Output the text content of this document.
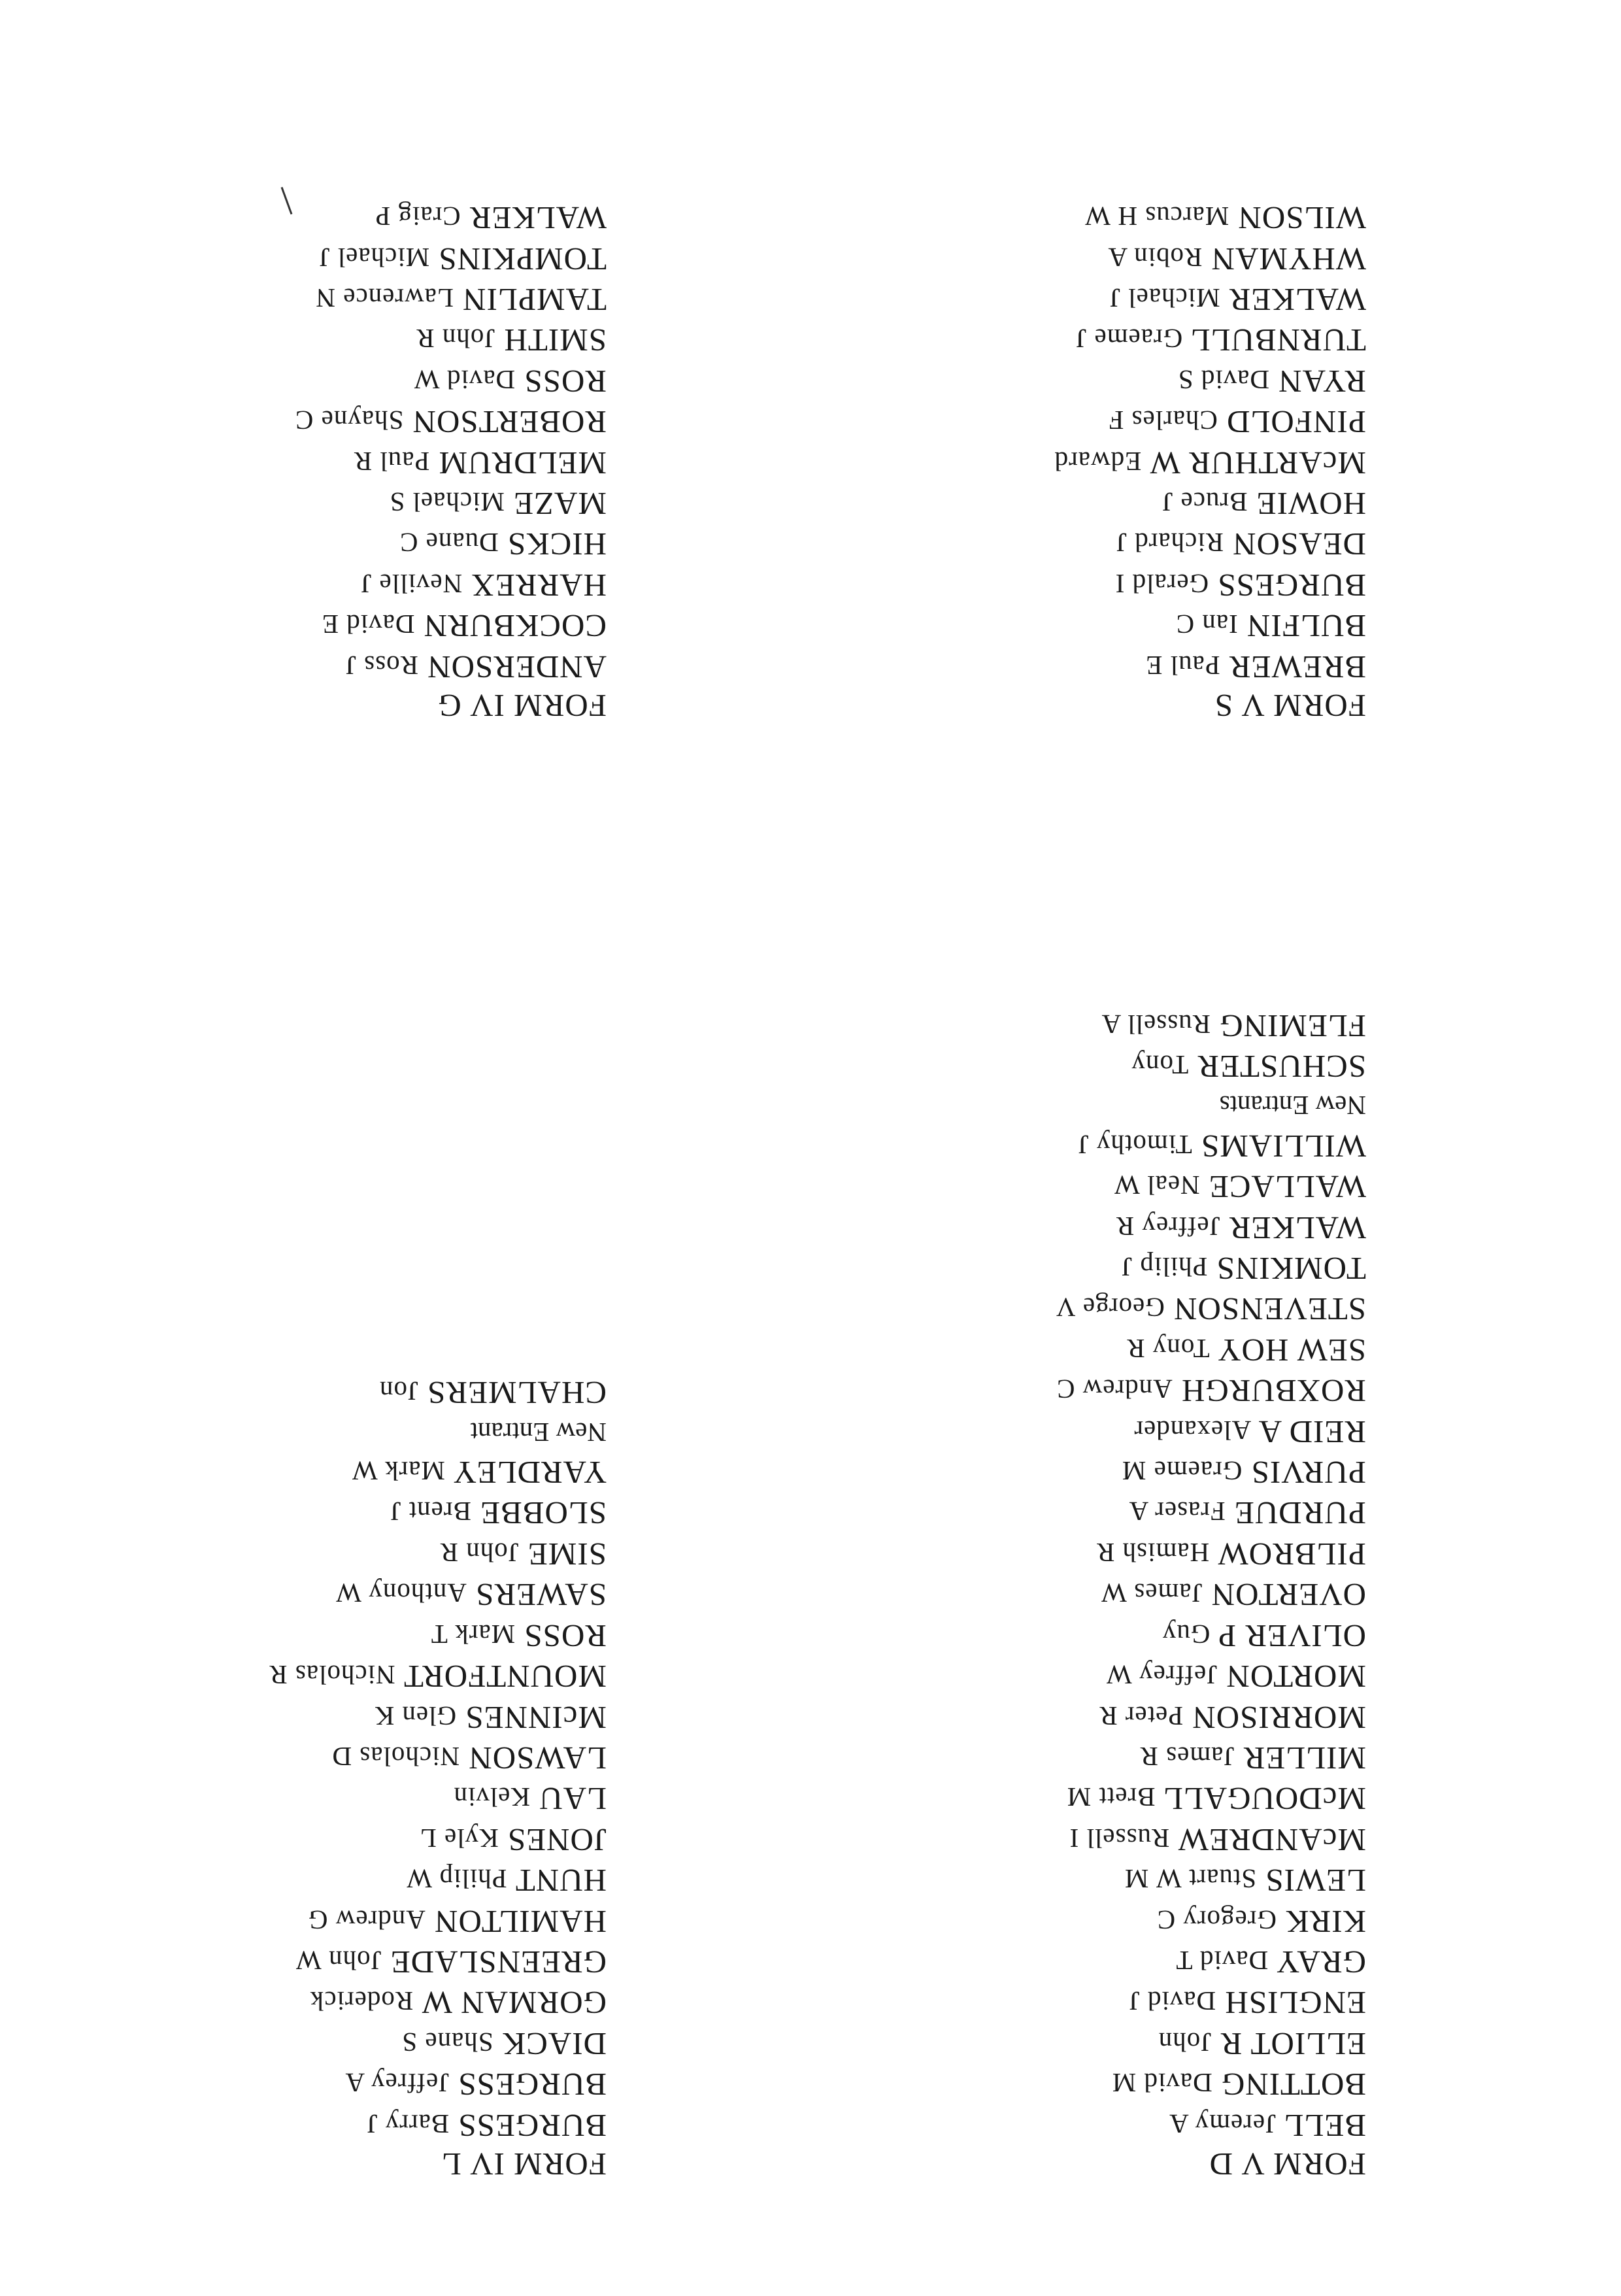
FORM V D
BELL Jeremy A
BOTTING David M
ELLIOT R John
ENGLISH David J
GRAY David T
KIRK Gregory C
LEWIS Stuart W M
McANDREW Russell I
McDOUGALL Brett M
MILLER James R
MORRISON Peter R
MORTON Jeffrey W
OLIVER P Guy
OVERTON James W
PILBROW Hamish R
PURDUE Fraser A
PURVIS Graeme M
REID A Alexander
ROXBURGH Andrew C
SEW HOY Tony R
STEVENSON George V
TOMKINS Philip J
WALKER Jeffrey R
WALLACE Neal W
WILLIAMS Timothy J
New Entrants
SCHUSTER Tony
FLEMING Russell A
FORM IV L
BURGESS Barry J
BURGESS Jeffrey A
DIACK Shane S
GORMAN W Roderick
GREENSLADE John W
HAMILTON Andrew G
HUNT Philip W
JONES Kyle L
LAU Kelvin
LAWSON Nicholas D
McINNES Glen K
MOUNTFORT Nicholas R
ROSS Mark T
SAWERS Anthony W
SIME John R
SLOBBE Brent J
YARDLEY Mark W
New Entrant
CHALMERS Jon
FORM V S
BREWER Paul E
BULFIN Ian C
BURGESS Gerald I
DEASON Richard J
HOWIE Bruce J
McARTHUR W Edward
PINFOLD Charles F
RYAN David S
TURNBULL Graeme J
WALKER Michael J
WHYMAN Robin A
WILSON Marcus H W
FORM IV G
ANDERSON Ross J
COCKBURN David E
HARREX Neville J
HICKS Duane C
MAZE Michael S
MELDRUM Paul R
ROBERTSON Shayne C
ROSS David W
SMITH John R
TAMPLIN Lawrence N
TOMPKINS Michael J
WALKER Craig P
